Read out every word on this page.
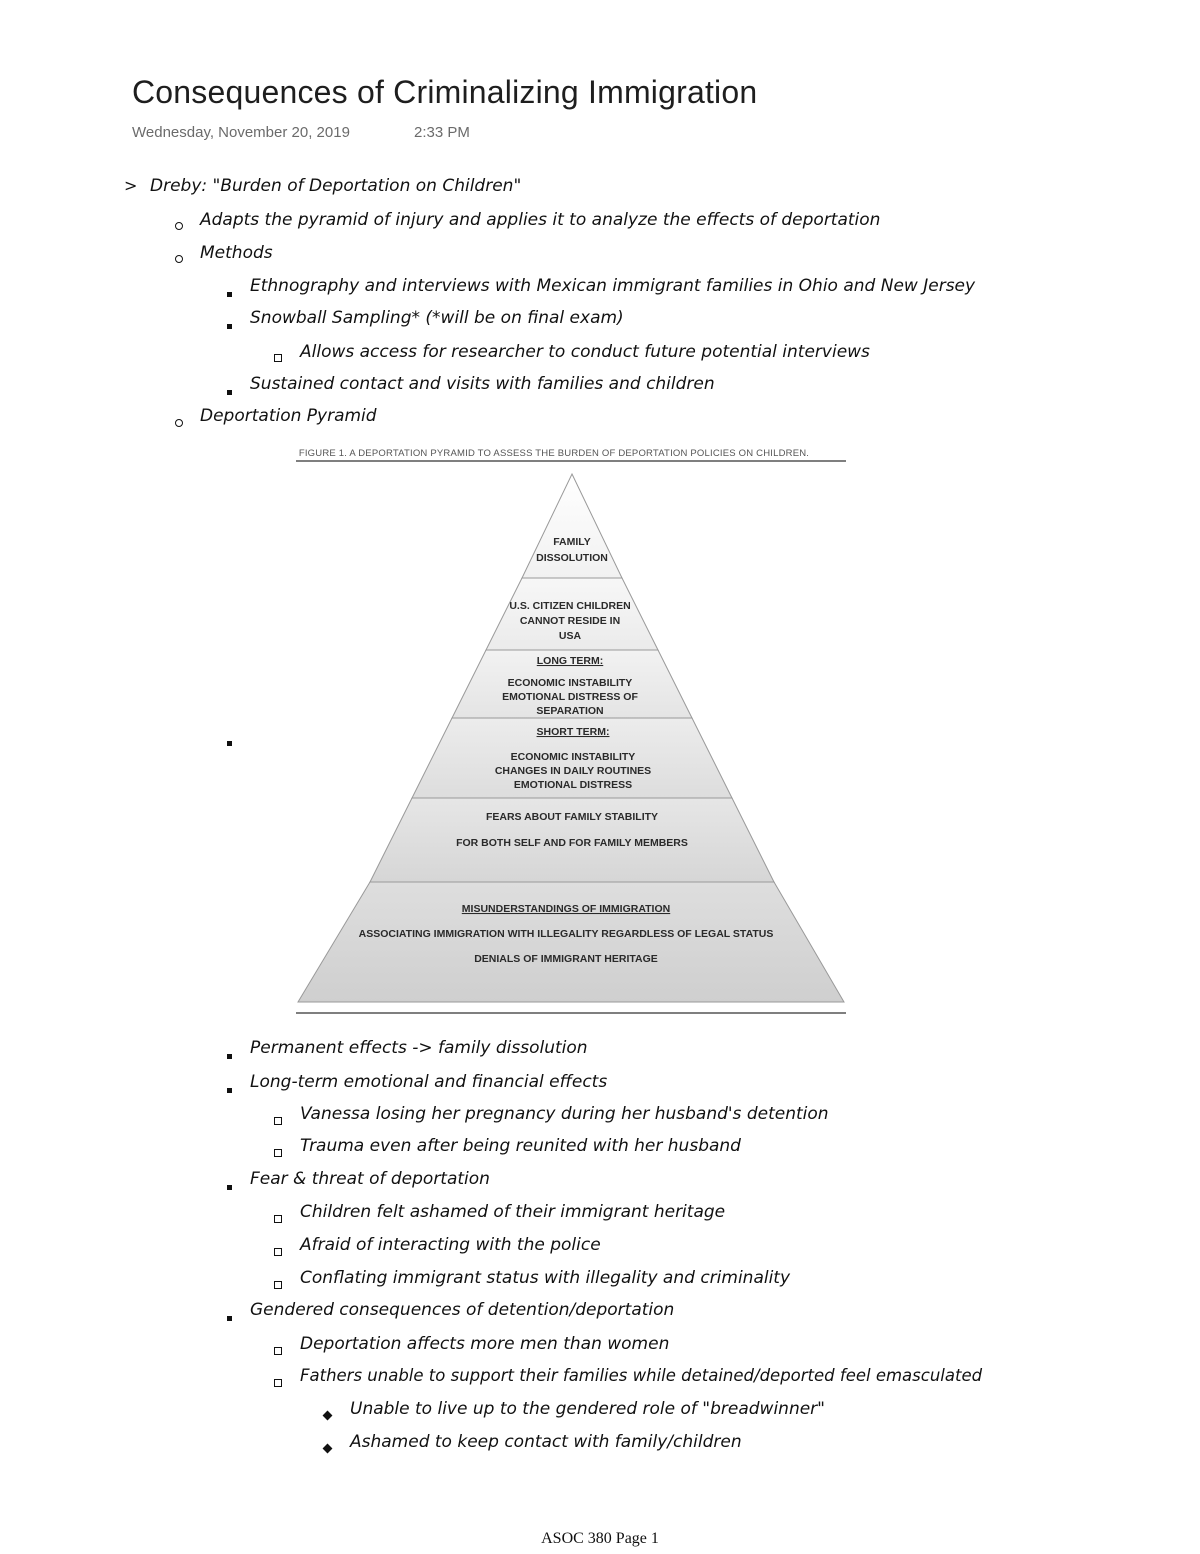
Consequences of Criminalizing Immigration
Wednesday, November 20, 2019	2:33 PM
> Dreby: "Burden of Deportation on Children"
Adapts the pyramid of injury and applies it to analyze the effects of deportation
Methods
Ethnography and interviews with Mexican immigrant families in Ohio and New Jersey
Snowball Sampling* (*will be on final exam)
Allows access for researcher to conduct future potential interviews
Sustained contact and visits with families and children
Deportation Pyramid
FIGURE 1. A DEPORTATION PYRAMID TO ASSESS THE BURDEN OF DEPORTATION POLICIES ON CHILDREN.
FAMILY
DISSOLUTION
U.S. CITIZEN CHILDREN
CANNOT RESIDE IN
USA
LONG TERM:
ECONOMIC INSTABILITY
EMOTIONAL DISTRESS OF
SEPARATION
SHORT TERM:
ECONOMIC INSTABILITY
CHANGES IN DAILY ROUTINES
EMOTIONAL DISTRESS
FEARS ABOUT FAMILY STABILITY
FOR BOTH SELF AND FOR FAMILY MEMBERS
MISUNDERSTANDINGS OF IMMIGRATION
ASSOCIATING IMMIGRATION WITH ILLEGALITY REGARDLESS OF LEGAL STATUS
DENIALS OF IMMIGRANT HERITAGE
Permanent effects -> family dissolution
Long-term emotional and financial effects
Vanessa losing her pregnancy during her husband's detention
Trauma even after being reunited with her husband
Fear & threat of deportation
Children felt ashamed of their immigrant heritage
Afraid of interacting with the police
Conflating immigrant status with illegality and criminality
Gendered consequences of detention/deportation
Deportation affects more men than women
Fathers unable to support their families while detained/deported feel emasculated
Unable to live up to the gendered role of "breadwinner"
Ashamed to keep contact with family/children
ASOC 380 Page 1
